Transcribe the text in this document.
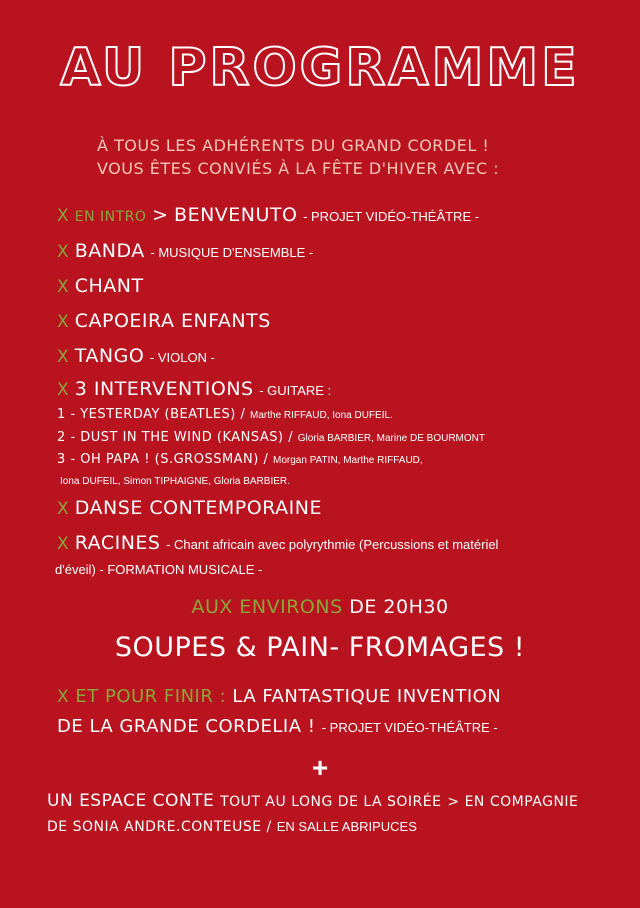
AU PROGRAMME
À TOUS LES ADHÉRENTS DU GRAND CORDEL !
VOUS ÊTES CONVIÉS À LA FÊTE D'HIVER AVEC :
X EN INTRO > BENVENUTO - PROJET VIDÉO-THÉÂTRE -
X BANDA - MUSIQUE D'ENSEMBLE -
X CHANT
X CAPOEIRA ENFANTS
X TANGO - VIOLON -
X 3 INTERVENTIONS - GUITARE :
1 - YESTERDAY (BEATLES) / Marthe RIFFAUD, Iona DUFEIL.
2 - DUST IN THE WIND (KANSAS) / Gloria BARBIER, Marine DE BOURMONT
3 - OH PAPA ! (S.GROSSMAN) / Morgan PATIN, Marthe RIFFAUD,
Iona DUFEIL, Simon TIPHAIGNE, Gloria BARBIER.
X DANSE CONTEMPORAINE
X RACINES - Chant africain avec polyrythmie (Percussions et matériel
d'éveil) - FORMATION MUSICALE -
AUX ENVIRONS DE 20H30
SOUPES & PAIN- FROMAGES !
X ET POUR FINIR : LA FANTASTIQUE INVENTION
DE LA GRANDE CORDELIA ! - PROJET VIDÉO-THÉÂTRE -
+
UN ESPACE CONTE TOUT AU LONG DE LA SOIRÉE > EN COMPAGNIE
DE SONIA ANDRE.CONTEUSE / EN SALLE ABRIPUCES
